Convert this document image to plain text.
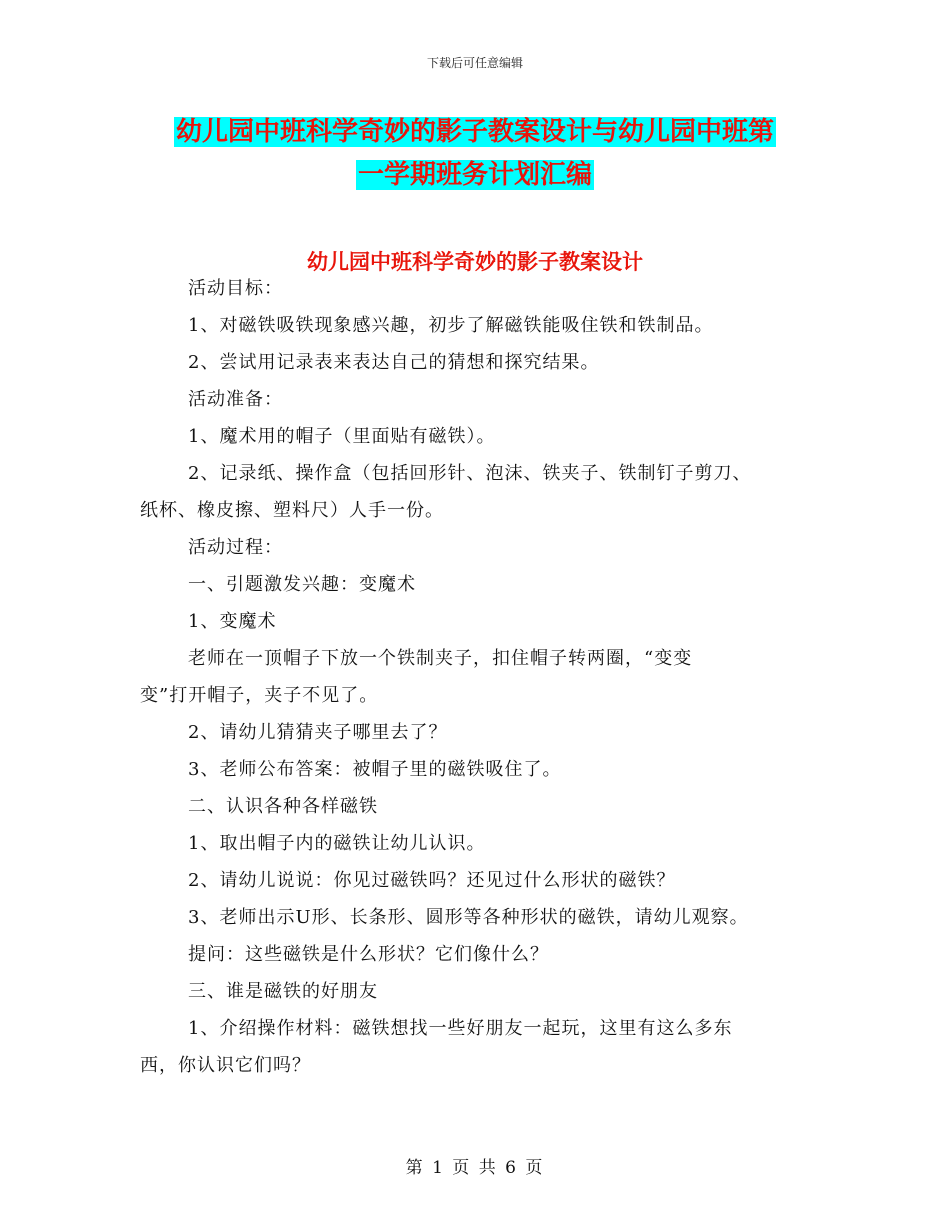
下载后可任意编辑
幼儿园中班科学奇妙的影子教案设计与幼儿园中班第
一学期班务计划汇编
幼儿园中班科学奇妙的影子教案设计

活动目标：

1、对磁铁吸铁现象感兴趣，初步了解磁铁能吸住铁和铁制品。

2、尝试用记录表来表达自己的猜想和探究结果。

活动准备：

1、魔术用的帽子（里面贴有磁铁）。

2、记录纸、操作盒（包括回形针、泡沫、铁夹子、铁制钉子剪刀、

纸杯、橡皮擦、塑料尺）人手一份。

活动过程：

一、引题激发兴趣：变魔术

1、变魔术

老师在一顶帽子下放一个铁制夹子，扣住帽子转两圈，“变变

变”打开帽子，夹子不见了。

2、请幼儿猜猜夹子哪里去了？

3、老师公布答案：被帽子里的磁铁吸住了。

二、认识各种各样磁铁

1、取出帽子内的磁铁让幼儿认识。

2、请幼儿说说：你见过磁铁吗？还见过什么形状的磁铁？

3、老师出示U形、长条形、圆形等各种形状的磁铁，请幼儿观察。

提问：这些磁铁是什么形状？它们像什么？

三、谁是磁铁的好朋友

1、介绍操作材料：磁铁想找一些好朋友一起玩，这里有这么多东

西，你认识它们吗？

第 1 页 共 6 页
